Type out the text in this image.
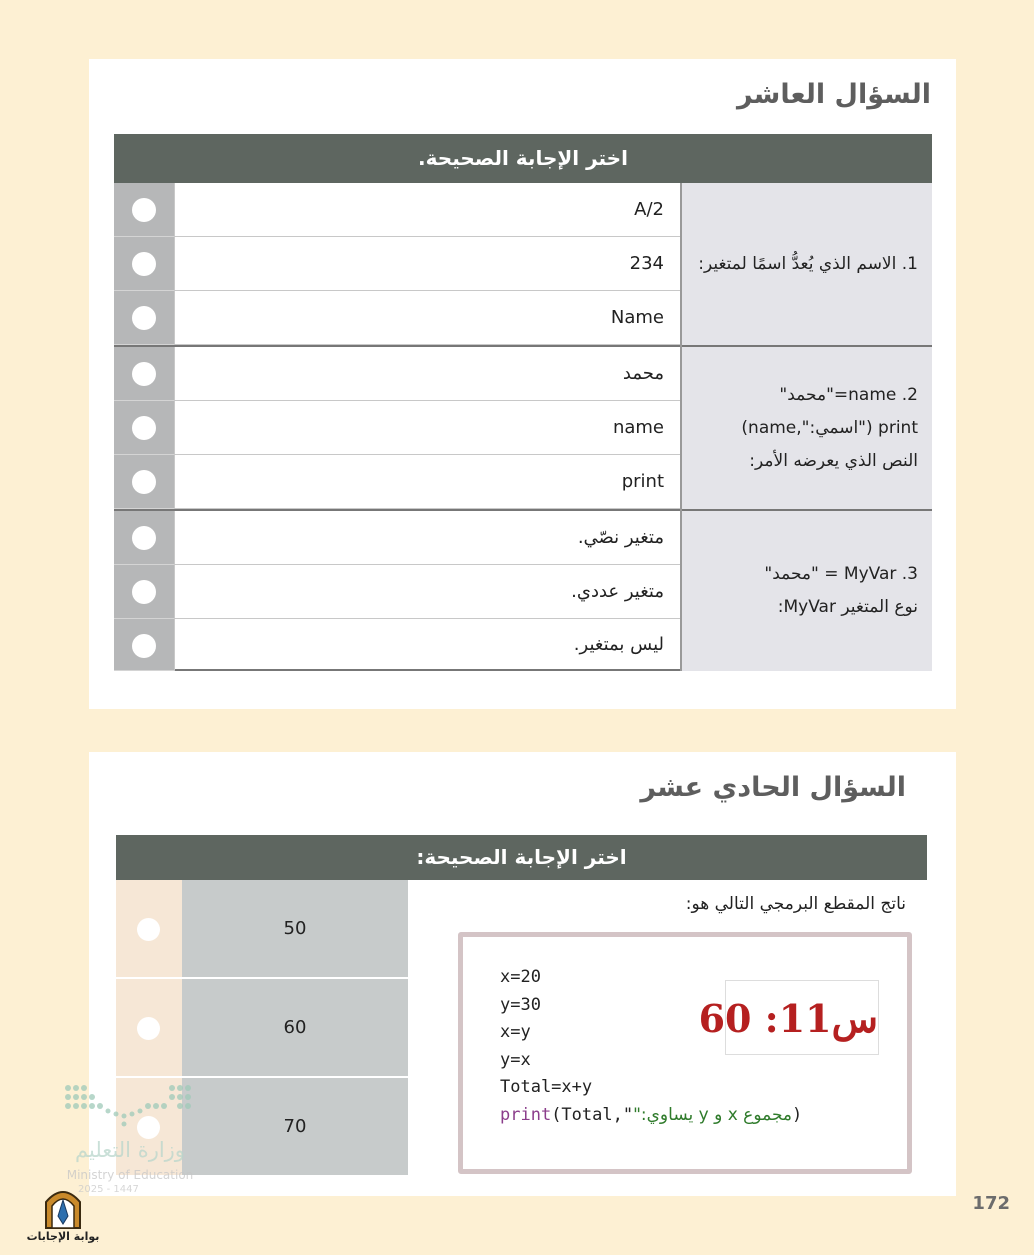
السؤال العاشر
اختر الإجابة الصحيحة.
1. الاسم الذي يُعدُّ اسمًا لمتغير:
A/2
234
Name
2. name="محمد"
print ("اسمي:",name)
النص الذي يعرضه الأمر:
محمد
name
print
3. MyVar = "محمد"
نوع المتغير MyVar:
متغير نصّي.
متغير عددي.
ليس بمتغير.
السؤال الحادي عشر
اختر الإجابة الصحيحة:
50
60
70
ناتج المقطع البرمجي التالي هو:
x=20
y=30
x=y
y=x
Total=x+y
print(Total,"مجموع x و y يساوي:")
س11: 60
172
وزارة التعليم
Ministry of Education
2025 - 1447
بوابة الإجابات
